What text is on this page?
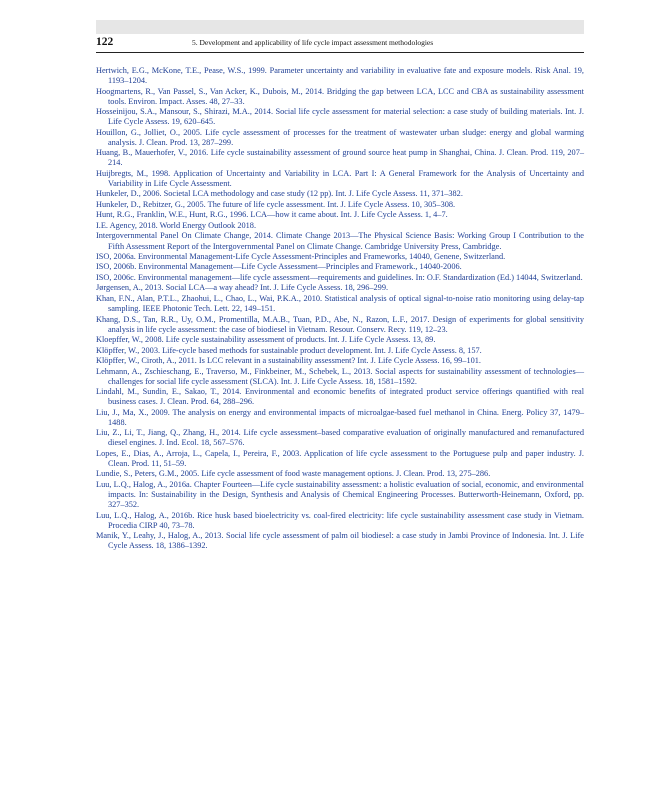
122	5. Development and applicability of life cycle impact assessment methodologies
Hertwich, E.G., McKone, T.E., Pease, W.S., 1999. Parameter uncertainty and variability in evaluative fate and exposure models. Risk Anal. 19, 1193–1204.
Hoogmartens, R., Van Passel, S., Van Acker, K., Dubois, M., 2014. Bridging the gap between LCA, LCC and CBA as sustainability assessment tools. Environ. Impact. Asses. 48, 27–33.
Hosseinijou, S.A., Mansour, S., Shirazi, M.A., 2014. Social life cycle assessment for material selection: a case study of building materials. Int. J. Life Cycle Assess. 19, 620–645.
Houillon, G., Jolliet, O., 2005. Life cycle assessment of processes for the treatment of wastewater urban sludge: energy and global warming analysis. J. Clean. Prod. 13, 287–299.
Huang, B., Mauerhofer, V., 2016. Life cycle sustainability assessment of ground source heat pump in Shanghai, China. J. Clean. Prod. 119, 207–214.
Huijbregts, M., 1998. Application of Uncertainty and Variability in LCA. Part I: A General Framework for the Analysis of Uncertainty and Variability in Life Cycle Assessment.
Hunkeler, D., 2006. Societal LCA methodology and case study (12 pp). Int. J. Life Cycle Assess. 11, 371–382.
Hunkeler, D., Rebitzer, G., 2005. The future of life cycle assessment. Int. J. Life Cycle Assess. 10, 305–308.
Hunt, R.G., Franklin, W.E., Hunt, R.G., 1996. LCA—how it came about. Int. J. Life Cycle Assess. 1, 4–7.
I.E. Agency, 2018. World Energy Outlook 2018.
Intergovernmental Panel On Climate Change, 2014. Climate Change 2013—The Physical Science Basis: Working Group I Contribution to the Fifth Assessment Report of the Intergovernmental Panel on Climate Change. Cambridge University Press, Cambridge.
ISO, 2006a. Environmental Management-Life Cycle Assessment-Principles and Frameworks, 14040, Genene, Switzerland.
ISO, 2006b. Environmental Management—Life Cycle Assessment—Principles and Framework., 14040-2006.
ISO, 2006c. Environmental management—life cycle assessment—requirements and guidelines. In: O.F. Standardization (Ed.) 14044, Switzerland.
Jørgensen, A., 2013. Social LCA—a way ahead? Int. J. Life Cycle Assess. 18, 296–299.
Khan, F.N., Alan, P.T.L., Zhaohui, L., Chao, L., Wai, P.K.A., 2010. Statistical analysis of optical signal-to-noise ratio monitoring using delay-tap sampling. IEEE Photonic Tech. Lett. 22, 149–151.
Khang, D.S., Tan, R.R., Uy, O.M., Promentilla, M.A.B., Tuan, P.D., Abe, N., Razon, L.F., 2017. Design of experiments for global sensitivity analysis in life cycle assessment: the case of biodiesel in Vietnam. Resour. Conserv. Recy. 119, 12–23.
Kloepffer, W., 2008. Life cycle sustainability assessment of products. Int. J. Life Cycle Assess. 13, 89.
Klöpffer, W., 2003. Life-cycle based methods for sustainable product development. Int. J. Life Cycle Assess. 8, 157.
Klöpffer, W., Ciroth, A., 2011. Is LCC relevant in a sustainability assessment? Int. J. Life Cycle Assess. 16, 99–101.
Lehmann, A., Zschieschang, E., Traverso, M., Finkbeiner, M., Schebek, L., 2013. Social aspects for sustainability assessment of technologies—challenges for social life cycle assessment (SLCA). Int. J. Life Cycle Assess. 18, 1581–1592.
Lindahl, M., Sundin, E., Sakao, T., 2014. Environmental and economic benefits of integrated product service offerings quantified with real business cases. J. Clean. Prod. 64, 288–296.
Liu, J., Ma, X., 2009. The analysis on energy and environmental impacts of microalgae-based fuel methanol in China. Energ. Policy 37, 1479–1488.
Liu, Z., Li, T., Jiang, Q., Zhang, H., 2014. Life cycle assessment–based comparative evaluation of originally manufactured and remanufactured diesel engines. J. Ind. Ecol. 18, 567–576.
Lopes, E., Dias, A., Arroja, L., Capela, I., Pereira, F., 2003. Application of life cycle assessment to the Portuguese pulp and paper industry. J. Clean. Prod. 11, 51–59.
Lundie, S., Peters, G.M., 2005. Life cycle assessment of food waste management options. J. Clean. Prod. 13, 275–286.
Luu, L.Q., Halog, A., 2016a. Chapter Fourteen—Life cycle sustainability assessment: a holistic evaluation of social, economic, and environmental impacts. In: Sustainability in the Design, Synthesis and Analysis of Chemical Engineering Processes. Butterworth-Heinemann, Oxford, pp. 327–352.
Luu, L.Q., Halog, A., 2016b. Rice husk based bioelectricity vs. coal-fired electricity: life cycle sustainability assessment case study in Vietnam. Procedia CIRP 40, 73–78.
Manik, Y., Leahy, J., Halog, A., 2013. Social life cycle assessment of palm oil biodiesel: a case study in Jambi Province of Indonesia. Int. J. Life Cycle Assess. 18, 1386–1392.
